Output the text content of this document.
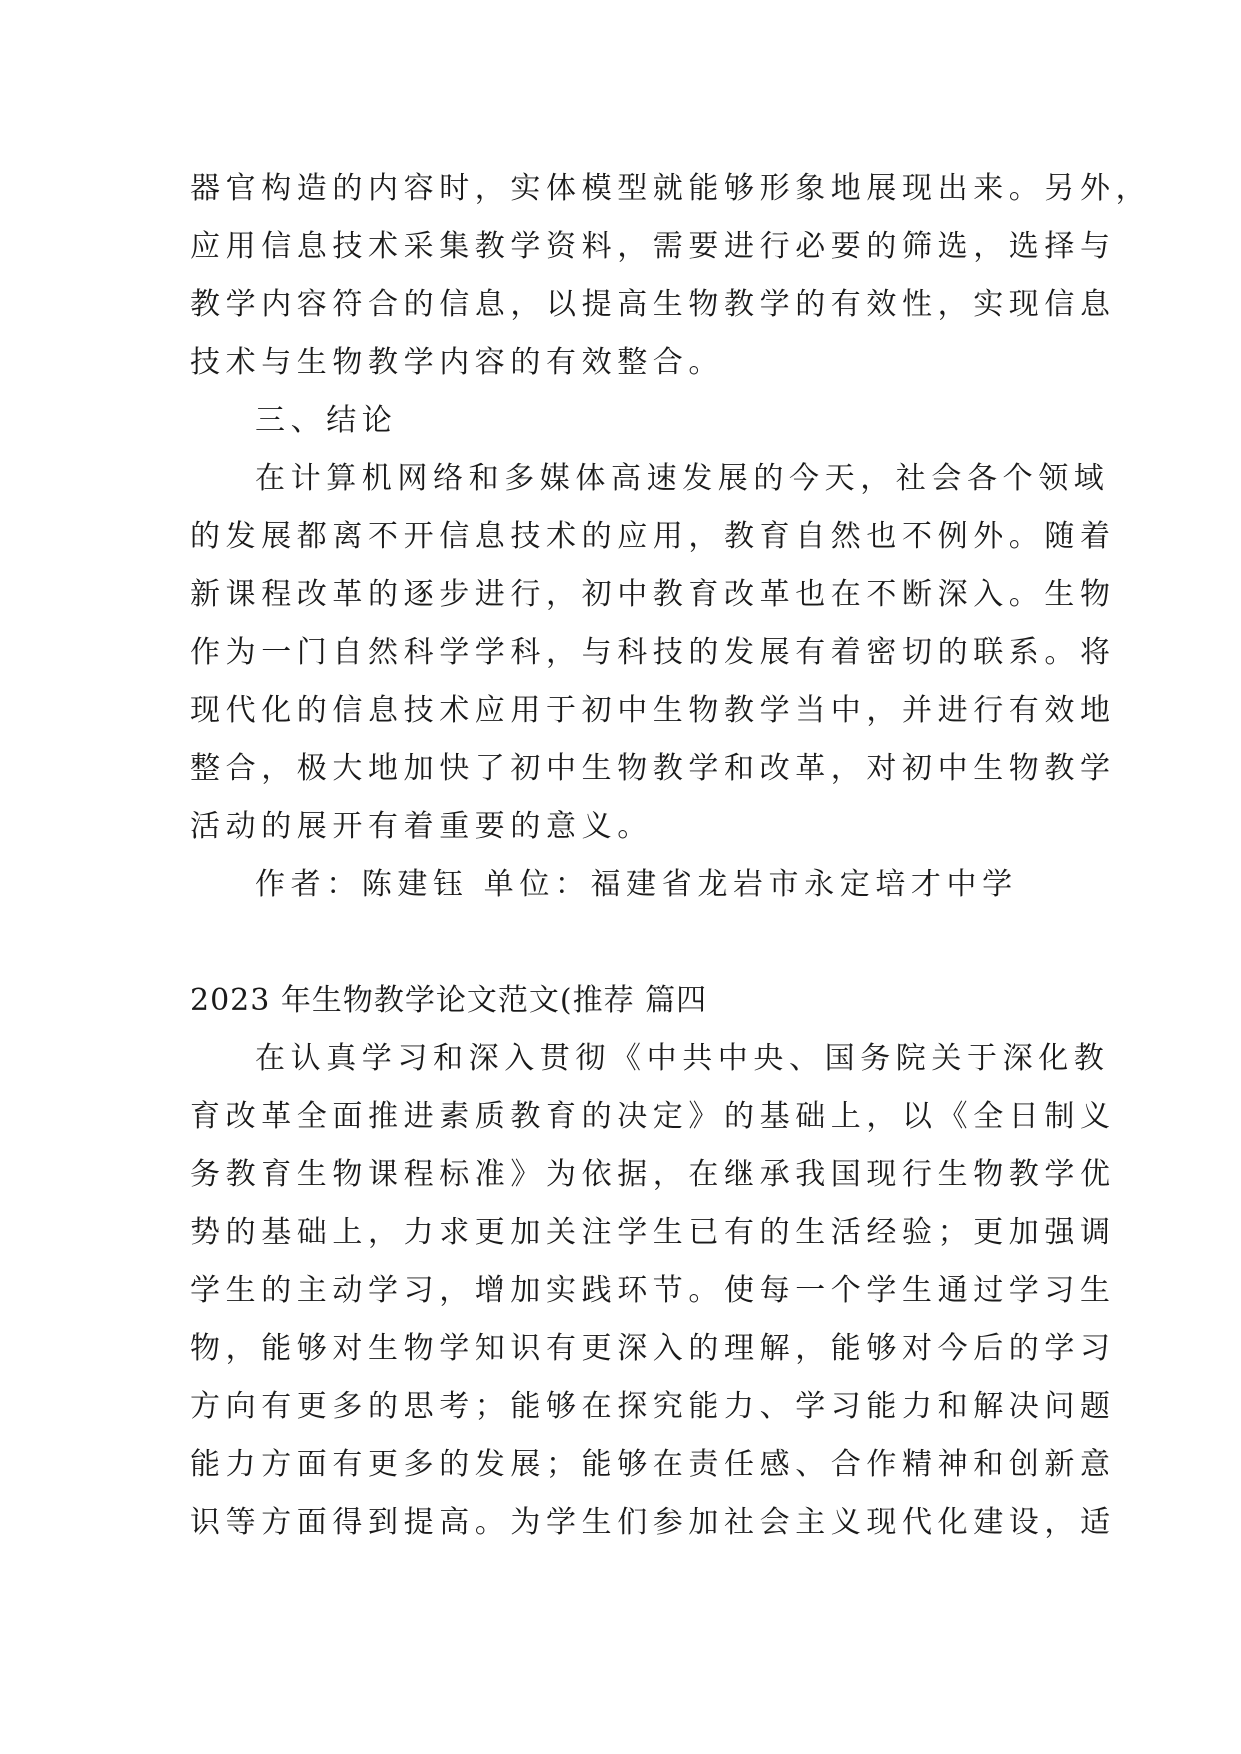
器官构造的内容时，实体模型就能够形象地展现出来。另外，
应用信息技术采集教学资料，需要进行必要的筛选，选择与
教学内容符合的信息，以提高生物教学的有效性，实现信息
技术与生物教学内容的有效整合。
三、结论
在计算机网络和多媒体高速发展的今天，社会各个领域
的发展都离不开信息技术的应用，教育自然也不例外。随着
新课程改革的逐步进行，初中教育改革也在不断深入。生物
作为一门自然科学学科，与科技的发展有着密切的联系。将
现代化的信息技术应用于初中生物教学当中，并进行有效地
整合，极大地加快了初中生物教学和改革，对初中生物教学
活动的展开有着重要的意义。
作者：陈建钰 单位：福建省龙岩市永定培才中学
2023 年生物教学论文范文(推荐 篇四
在认真学习和深入贯彻《中共中央、国务院关于深化教
育改革全面推进素质教育的决定》的基础上，以《全日制义
务教育生物课程标准》为依据，在继承我国现行生物教学优
势的基础上，力求更加关注学生已有的生活经验；更加强调
学生的主动学习，增加实践环节。使每一个学生通过学习生
物，能够对生物学知识有更深入的理解，能够对今后的学习
方向有更多的思考；能够在探究能力、学习能力和解决问题
能力方面有更多的发展；能够在责任感、合作精神和创新意
识等方面得到提高。为学生们参加社会主义现代化建设，适
